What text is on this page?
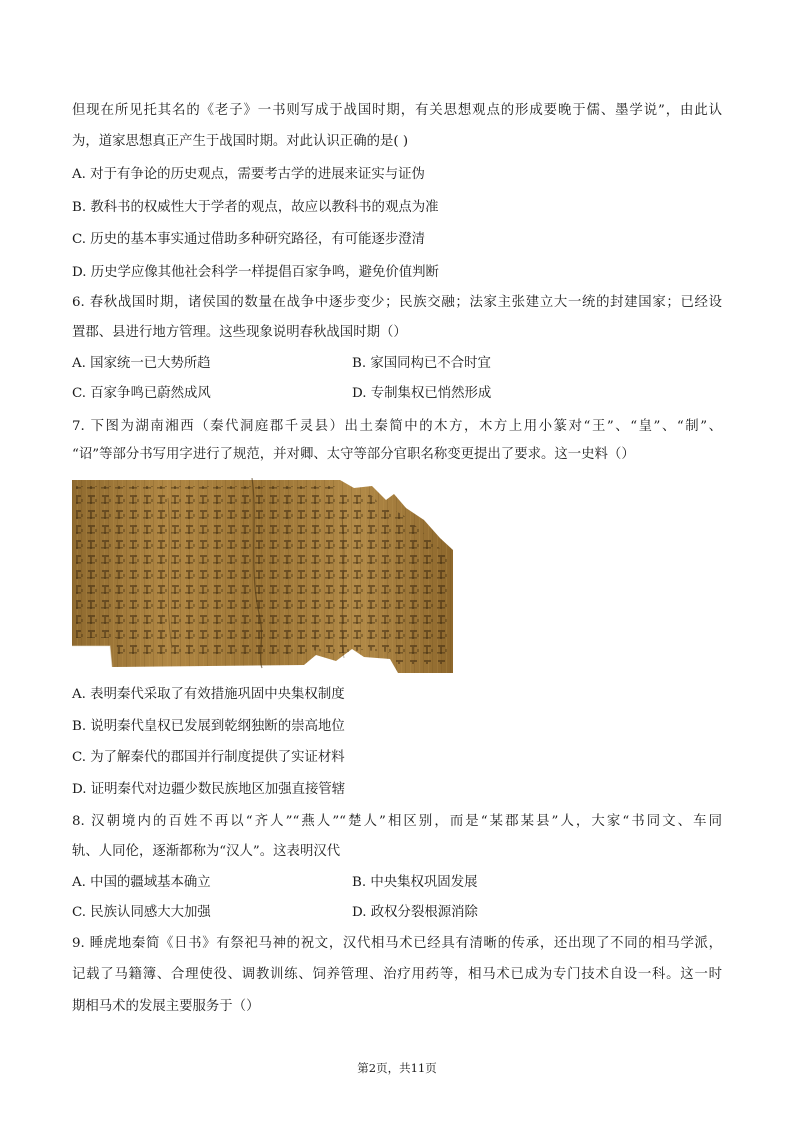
但现在所见托其名的《老子》一书则写成于战国时期，有关思想观点的形成要晚于儒、墨学说”，由此认
为，道家思想真正产生于战国时期。对此认识正确的是( )
A. 对于有争论的历史观点，需要考古学的进展来证实与证伪
B. 教科书的权威性大于学者的观点，故应以教科书的观点为准
C. 历史的基本事实通过借助多种研究路径，有可能逐步澄清
D. 历史学应像其他社会科学一样提倡百家争鸣，避免价值判断
6. 春秋战国时期，诸侯国的数量在战争中逐步变少；民族交融；法家主张建立大一统的封建国家；已经设
置郡、县进行地方管理。这些现象说明春秋战国时期（）
A. 国家统一已大势所趋	B. 家国同构已不合时宜
C. 百家争鸣已蔚然成风	D. 专制集权已悄然形成
7. 下图为湖南湘西（秦代洞庭郡千灵县）出土秦简中的木方，木方上用小篆对“王”、“皇”、“制”、
“诏”等部分书写用字进行了规范，并对卿、太守等部分官职名称变更提出了要求。这一史料（）
A. 表明秦代采取了有效措施巩固中央集权制度
B. 说明秦代皇权已发展到乾纲独断的崇高地位
C. 为了解秦代的郡国并行制度提供了实证材料
D. 证明秦代对边疆少数民族地区加强直接管辖
8. 汉朝境内的百姓不再以“齐人”“燕人”“楚人”相区别，而是“某郡某县”人，大家“书同文、车同
轨、人同伦，逐渐都称为“汉人”。这表明汉代
A. 中国的疆域基本确立	B. 中央集权巩固发展
C. 民族认同感大大加强	D. 政权分裂根源消除
9. 睡虎地秦简《日书》有祭祀马神的祝文，汉代相马术已经具有清晰的传承，还出现了不同的相马学派，
记载了马籍簿、合理使役、调教训练、饲养管理、治疗用药等，相马术已成为专门技术自设一科。这一时
期相马术的发展主要服务于（）
第2页，共11页
